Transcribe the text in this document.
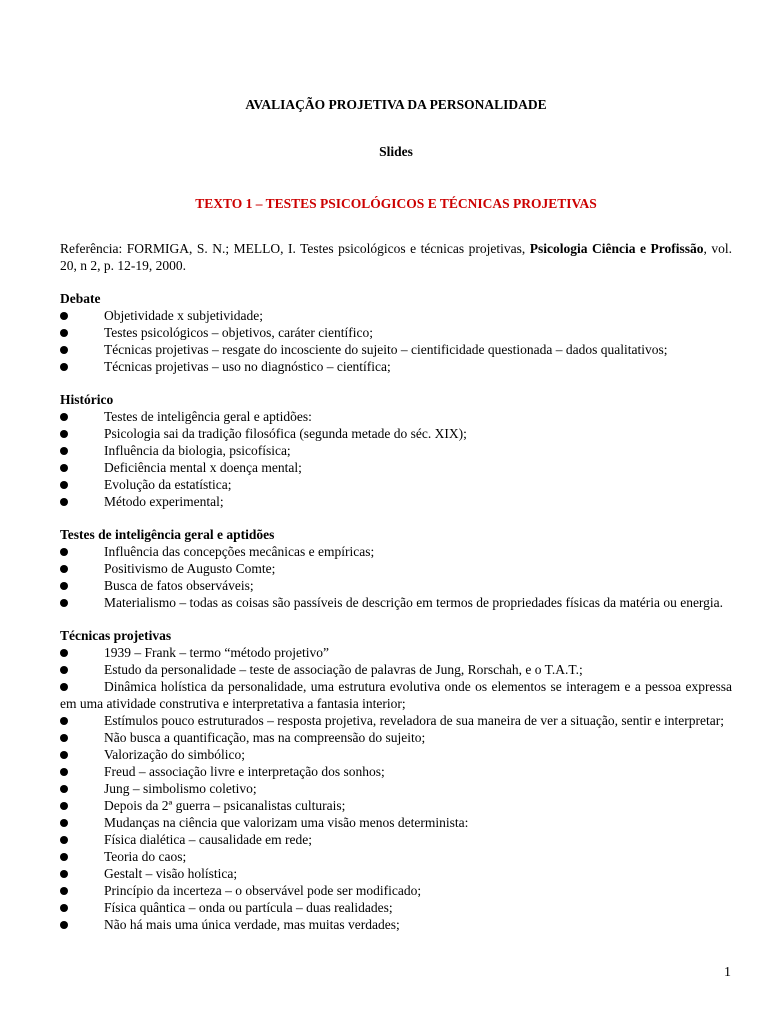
AVALIAÇÃO PROJETIVA DA PERSONALIDADE
Slides
TEXTO 1 – TESTES PSICOLÓGICOS E TÉCNICAS PROJETIVAS
Referência: FORMIGA, S. N.; MELLO, I. Testes psicológicos e técnicas projetivas, Psicologia Ciência e Profissão, vol. 20, n 2, p. 12-19, 2000.
Debate
Objetividade x subjetividade;
Testes psicológicos – objetivos, caráter científico;
Técnicas projetivas – resgate do incosciente do sujeito – cientificidade questionada – dados qualitativos;
Técnicas projetivas – uso no diagnóstico – científica;
Histórico
Testes de inteligência geral e aptidões:
Psicologia sai da tradição filosófica (segunda metade do séc. XIX);
Influência da biologia, psicofísica;
Deficiência mental x doença mental;
Evolução da estatística;
Método experimental;
Testes de inteligência geral e aptidões
Influência das concepções mecânicas e empíricas;
Positivismo de Augusto Comte;
Busca de fatos observáveis;
Materialismo – todas as coisas são passíveis de descrição em termos de propriedades físicas da matéria ou energia.
Técnicas projetivas
1939 – Frank – termo “método projetivo”
Estudo da personalidade – teste de associação de palavras de Jung, Rorschah, e o T.A.T.;
Dinâmica holística da personalidade, uma estrutura evolutiva onde os elementos se interagem e a pessoa expressa em uma atividade construtiva e interpretativa a fantasia interior;
Estímulos pouco estruturados – resposta projetiva, reveladora de sua maneira de ver a situação, sentir e interpretar;
Não busca a quantificação, mas na compreensão do sujeito;
Valorização do simbólico;
Freud – associação livre e interpretação dos sonhos;
Jung – simbolismo coletivo;
Depois da 2ª guerra – psicanalistas culturais;
Mudanças na ciência que valorizam uma visão menos determinista:
Física dialética – causalidade em rede;
Teoria do caos;
Gestalt – visão holística;
Princípio da incerteza – o observável pode ser modificado;
Física quântica – onda ou partícula – duas realidades;
Não há mais uma única verdade, mas muitas verdades;
1
